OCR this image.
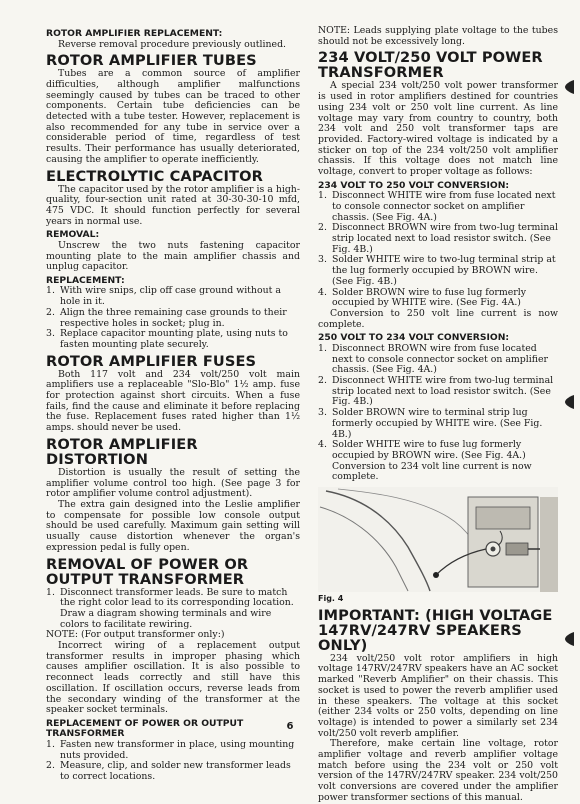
ROTOR AMPLIFIER REPLACEMENT:

Reverse removal procedure previously outlined.

ROTOR AMPLIFIER TUBES

Tubes are a common source of amplifier difficulties, although amplifier malfunctions seemingly caused by tubes can be traced to other components. Certain tube deficiencies can be detected with a tube tester. However, replacement is also recommended for any tube in service over a considerable period of time, regardless of test results. Their performance has usually deteriorated, causing the amplifier to operate inefficiently.

ELECTROLYTIC CAPACITOR

The capacitor used by the rotor amplifier is a high-quality, four-section unit rated at 30-30-30-10 mfd, 475 VDC. It should function perfectly for several years in normal use.

REMOVAL:

Unscrew the two nuts fastening capacitor mounting plate to the main amplifier chassis and unplug capacitor.

REPLACEMENT:
1. With wire snips, clip off case ground without a hole in it.
2. Align the three remaining case grounds to their respective holes in socket; plug in.
3. Replace capacitor mounting plate, using nuts to fasten mounting plate securely.
ROTOR AMPLIFIER FUSES

Both 117 volt and 234 volt/250 volt main amplifiers use a replaceable "Slo-Blo" 1½ amp. fuse for protection against short circuits. When a fuse fails, find the cause and eliminate it before replacing the fuse. Replacement fuses rated higher than 1½ amps. should never be used.

ROTOR AMPLIFIER DISTORTION

Distortion is usually the result of setting the amplifier volume control too high. (See page 3 for rotor amplifier volume control adjustment).

The extra gain designed into the Leslie amplifier to compensate for possible low console output should be used carefully. Maximum gain setting will usually cause distortion whenever the organ's expression pedal is fully open.

REMOVAL OF POWER OR OUTPUT TRANSFORMER
1. Disconnect transformer leads. Be sure to match the right color lead to its corresponding location. Draw a diagram showing terminals and wire colors to facilitate rewiring.

NOTE: (For output transformer only:)

Incorrect wiring of a replacement output transformer results in improper phasing which causes amplifier oscillation. It is also possible to reconnect leads correctly and still have this oscillation. If oscillation occurs, reverse leads from the secondary winding of the transformer at the speaker socket terminals.

REPLACEMENT OF POWER OR OUTPUT TRANSFORMER
1. Fasten new transformer in place, using mounting nuts provided.
2. Measure, clip, and solder new transformer leads to correct locations.

NOTE: Leads supplying plate voltage to the tubes should not be excessively long.

234 VOLT/250 VOLT POWER TRANSFORMER

A special 234 volt/250 volt power transformer is used in rotor amplifiers destined for countries using 234 volt or 250 volt line current. As line voltage may vary from country to country, both 234 volt and 250 volt transformer taps are provided. Factory-wired voltage is indicated by a sticker on top of the 234 volt/250 volt amplifier chassis. If this voltage does not match line voltage, convert to proper voltage as follows:

234 VOLT TO 250 VOLT CONVERSION:
1. Disconnect WHITE wire from fuse located next to console connector socket on amplifier chassis. (See Fig. 4A.)
2. Disconnect BROWN wire from two-lug terminal strip located next to load resistor switch. (See Fig. 4B.)
3. Solder WHITE wire to two-lug terminal strip at the lug formerly occupied by BROWN wire. (See Fig. 4B.)
4. Solder BROWN wire to fuse lug formerly occupied by WHITE wire. (See Fig. 4A.)

Conversion to 250 volt line current is now complete.

250 VOLT TO 234 VOLT CONVERSION:
1. Disconnect BROWN wire from fuse located next to console connector socket on amplifier chassis. (See Fig. 4A.)
2. Disconnect WHITE wire from two-lug terminal strip located next to load resistor switch. (See Fig. 4B.)
3. Solder BROWN wire to terminal strip lug formerly occupied by WHITE wire. (See Fig. 4B.)
4. Solder WHITE wire to fuse lug formerly occupied by BROWN wire. (See Fig. 4A.) Conversion to 234 volt line current is now complete.
Fig. 4
IMPORTANT: (HIGH VOLTAGE 147RV/247RV SPEAKERS ONLY)

234 volt/250 volt rotor amplifiers in high voltage 147RV/247RV speakers have an AC socket marked "Reverb Amplifier" on their chassis. This socket is used to power the reverb amplifier used in these speakers. The voltage at this socket (either 234 volts or 250 volts, depending on line voltage) is intended to power a similarly set 234 volt/250 volt reverb amplifier.

Therefore, make certain line voltage, rotor amplifier voltage and reverb amplifier voltage match before using the 234 volt or 250 volt version of the 147RV/247RV speaker. 234 volt/250 volt conversions are covered under the amplifier power transformer sections of this manual.

6
